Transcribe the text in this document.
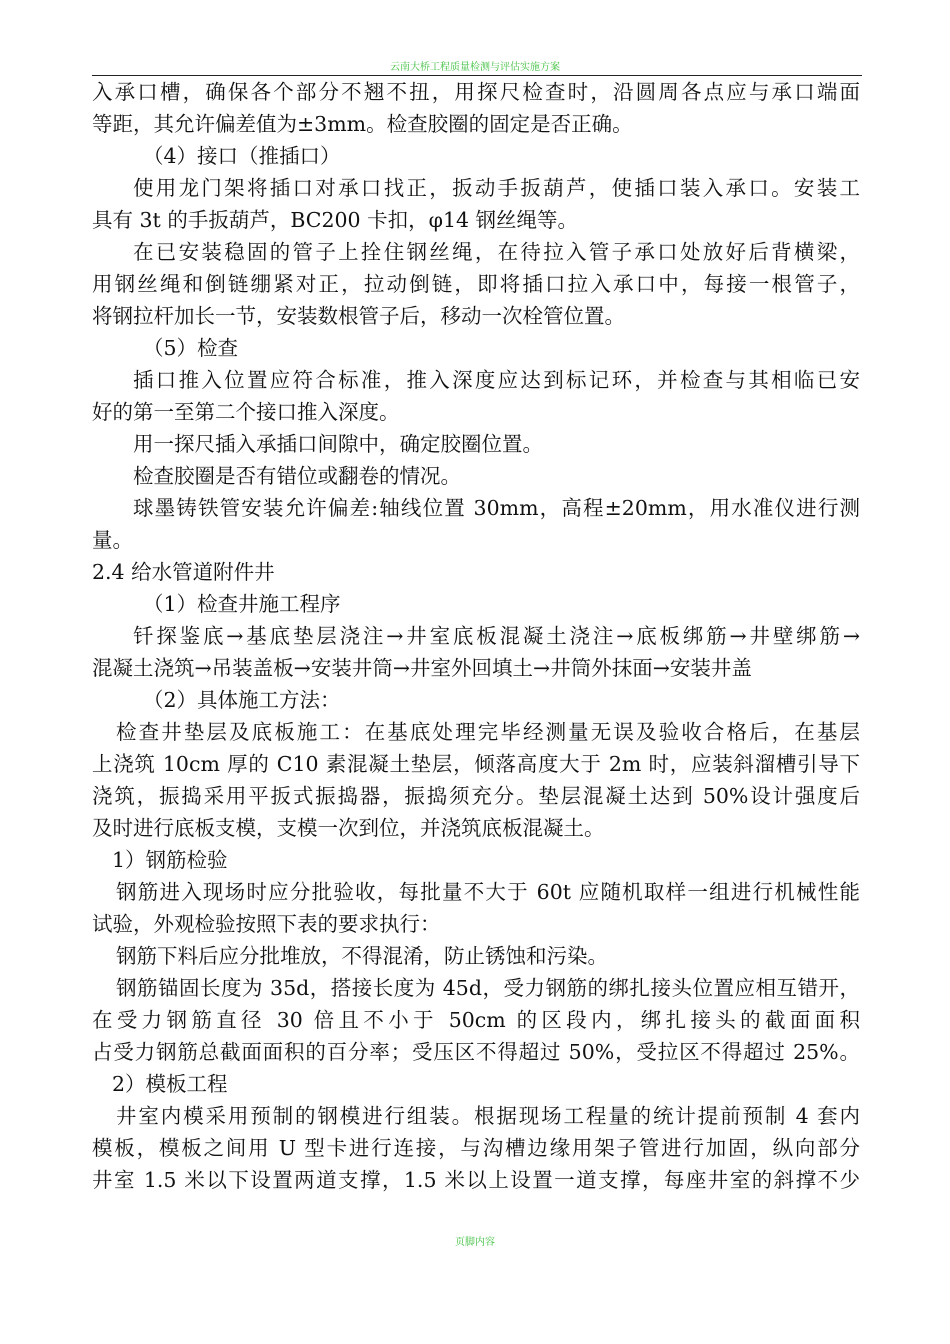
云南大桥工程质量检测与评估实施方案
入承口槽，确保各个部分不翘不扭，用探尺检查时，沿圆周各点应与承口端面
等距，其允许偏差值为±3mm。检查胶圈的固定是否正确。
（4）接口（推插口）
使用龙门架将插口对承口找正，扳动手扳葫芦，使插口装入承口。安装工
具有 3t 的手扳葫芦，BC200 卡扣，φ14 钢丝绳等。
在已安装稳固的管子上拴住钢丝绳，在待拉入管子承口处放好后背横梁，
用钢丝绳和倒链绷紧对正，拉动倒链，即将插口拉入承口中，每接一根管子，
将钢拉杆加长一节，安装数根管子后，移动一次栓管位置。
（5）检查
插口推入位置应符合标准，推入深度应达到标记环，并检查与其相临已安
好的第一至第二个接口推入深度。
用一探尺插入承插口间隙中，确定胶圈位置。
检查胶圈是否有错位或翻卷的情况。
球墨铸铁管安装允许偏差:轴线位置 30mm，高程±20mm，用水准仪进行测
量。
2.4 给水管道附件井
（1）检查井施工程序
钎探鉴底→基底垫层浇注→井室底板混凝土浇注→底板绑筋→井壁绑筋→
混凝土浇筑→吊装盖板→安装井筒→井室外回填土→井筒外抹面→安装井盖
（2）具体施工方法：
检查井垫层及底板施工：在基底处理完毕经测量无误及验收合格后，在基层
上浇筑 10cm 厚的 C10 素混凝土垫层，倾落高度大于 2m 时，应装斜溜槽引导下
浇筑，振捣采用平扳式振捣器，振捣须充分。垫层混凝土达到 50%设计强度后
及时进行底板支模，支模一次到位，并浇筑底板混凝土。
1）钢筋检验
钢筋进入现场时应分批验收，每批量不大于 60t 应随机取样一组进行机械性能
试验，外观检验按照下表的要求执行：
钢筋下料后应分批堆放，不得混淆，防止锈蚀和污染。
钢筋锚固长度为 35d，搭接长度为 45d，受力钢筋的绑扎接头位置应相互错开，
在受力钢筋直径 30 倍且不小于 50cm 的区段内，绑扎接头的截面面积
占受力钢筋总截面面积的百分率；受压区不得超过 50%，受拉区不得超过 25%。
2）模板工程
井室内模采用预制的钢模进行组装。根据现场工程量的统计提前预制 4 套内
模板，模板之间用 U 型卡进行连接，与沟槽边缘用架子管进行加固，纵向部分
井室 1.5 米以下设置两道支撑，1.5 米以上设置一道支撑，每座井室的斜撑不少
页脚内容
